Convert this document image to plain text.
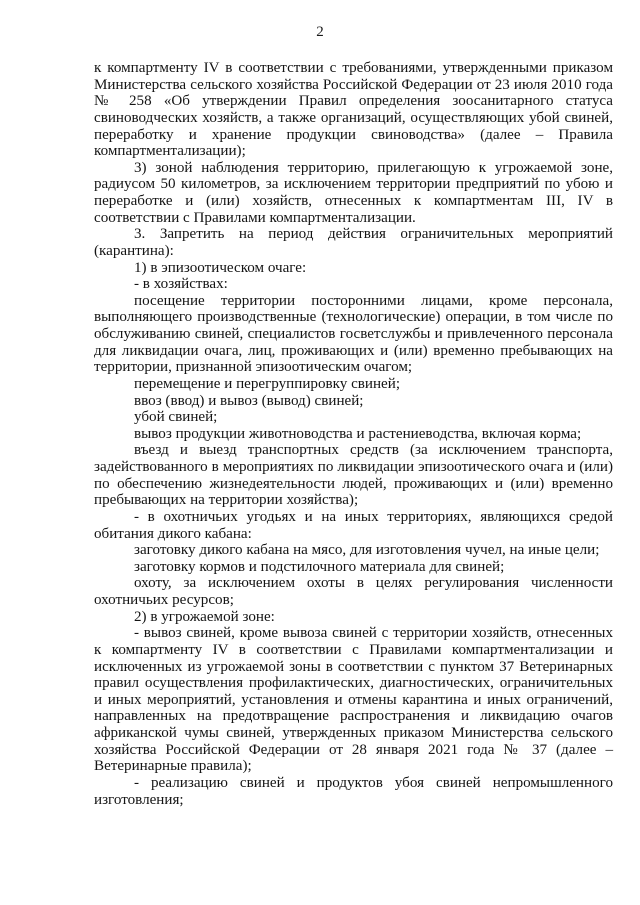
2

к компартменту IV в соответствии с требованиями, утвержденными приказом Министерства сельского хозяйства Российской Федерации от 23 июля 2010 года № 258 «Об утверждении Правил определения зоосанитарного статуса свиноводческих хозяйств, а также организаций, осуществляющих убой свиней, переработку и хранение продукции свиноводства» (далее – Правила компартментализации);

3) зоной наблюдения территорию, прилегающую к угрожаемой зоне, радиусом 50 километров, за исключением территории предприятий по убою и переработке и (или) хозяйств, отнесенных к компартментам III, IV в соответствии с Правилами компартментализации.

3. Запретить на период действия ограничительных мероприятий (карантина):

1) в эпизоотическом очаге:

- в хозяйствах:

посещение территории посторонними лицами, кроме персонала, выполняющего производственные (технологические) операции, в том числе по обслуживанию свиней, специалистов госветслужбы и привлеченного персонала для ликвидации очага, лиц, проживающих и (или) временно пребывающих на территории, признанной эпизоотическим очагом;

перемещение и перегруппировку свиней;

ввоз (ввод) и вывоз (вывод) свиней;

убой свиней;

вывоз продукции животноводства и растениеводства, включая корма;

въезд и выезд транспортных средств (за исключением транспорта, задействованного в мероприятиях по ликвидации эпизоотического очага и (или) по обеспечению жизнедеятельности людей, проживающих и (или) временно пребывающих на территории хозяйства);

- в охотничьих угодьях и на иных территориях, являющихся средой обитания дикого кабана:

заготовку дикого кабана на мясо, для изготовления чучел, на иные цели;

заготовку кормов и подстилочного материала для свиней;

охоту, за исключением охоты в целях регулирования численности охотничьих ресурсов;

2) в угрожаемой зоне:

- вывоз свиней, кроме вывоза свиней с территории хозяйств, отнесенных к компартменту IV в соответствии с Правилами компартментализации и исключенных из угрожаемой зоны в соответствии с пунктом 37 Ветеринарных правил осуществления профилактических, диагностических, ограничительных и иных мероприятий, установления и отмены карантина и иных ограничений, направленных на предотвращение распространения и ликвидацию очагов африканской чумы свиней, утвержденных приказом Министерства сельского хозяйства Российской Федерации от 28 января 2021 года № 37 (далее – Ветеринарные правила);

- реализацию свиней и продуктов убоя свиней непромышленного изготовления;
